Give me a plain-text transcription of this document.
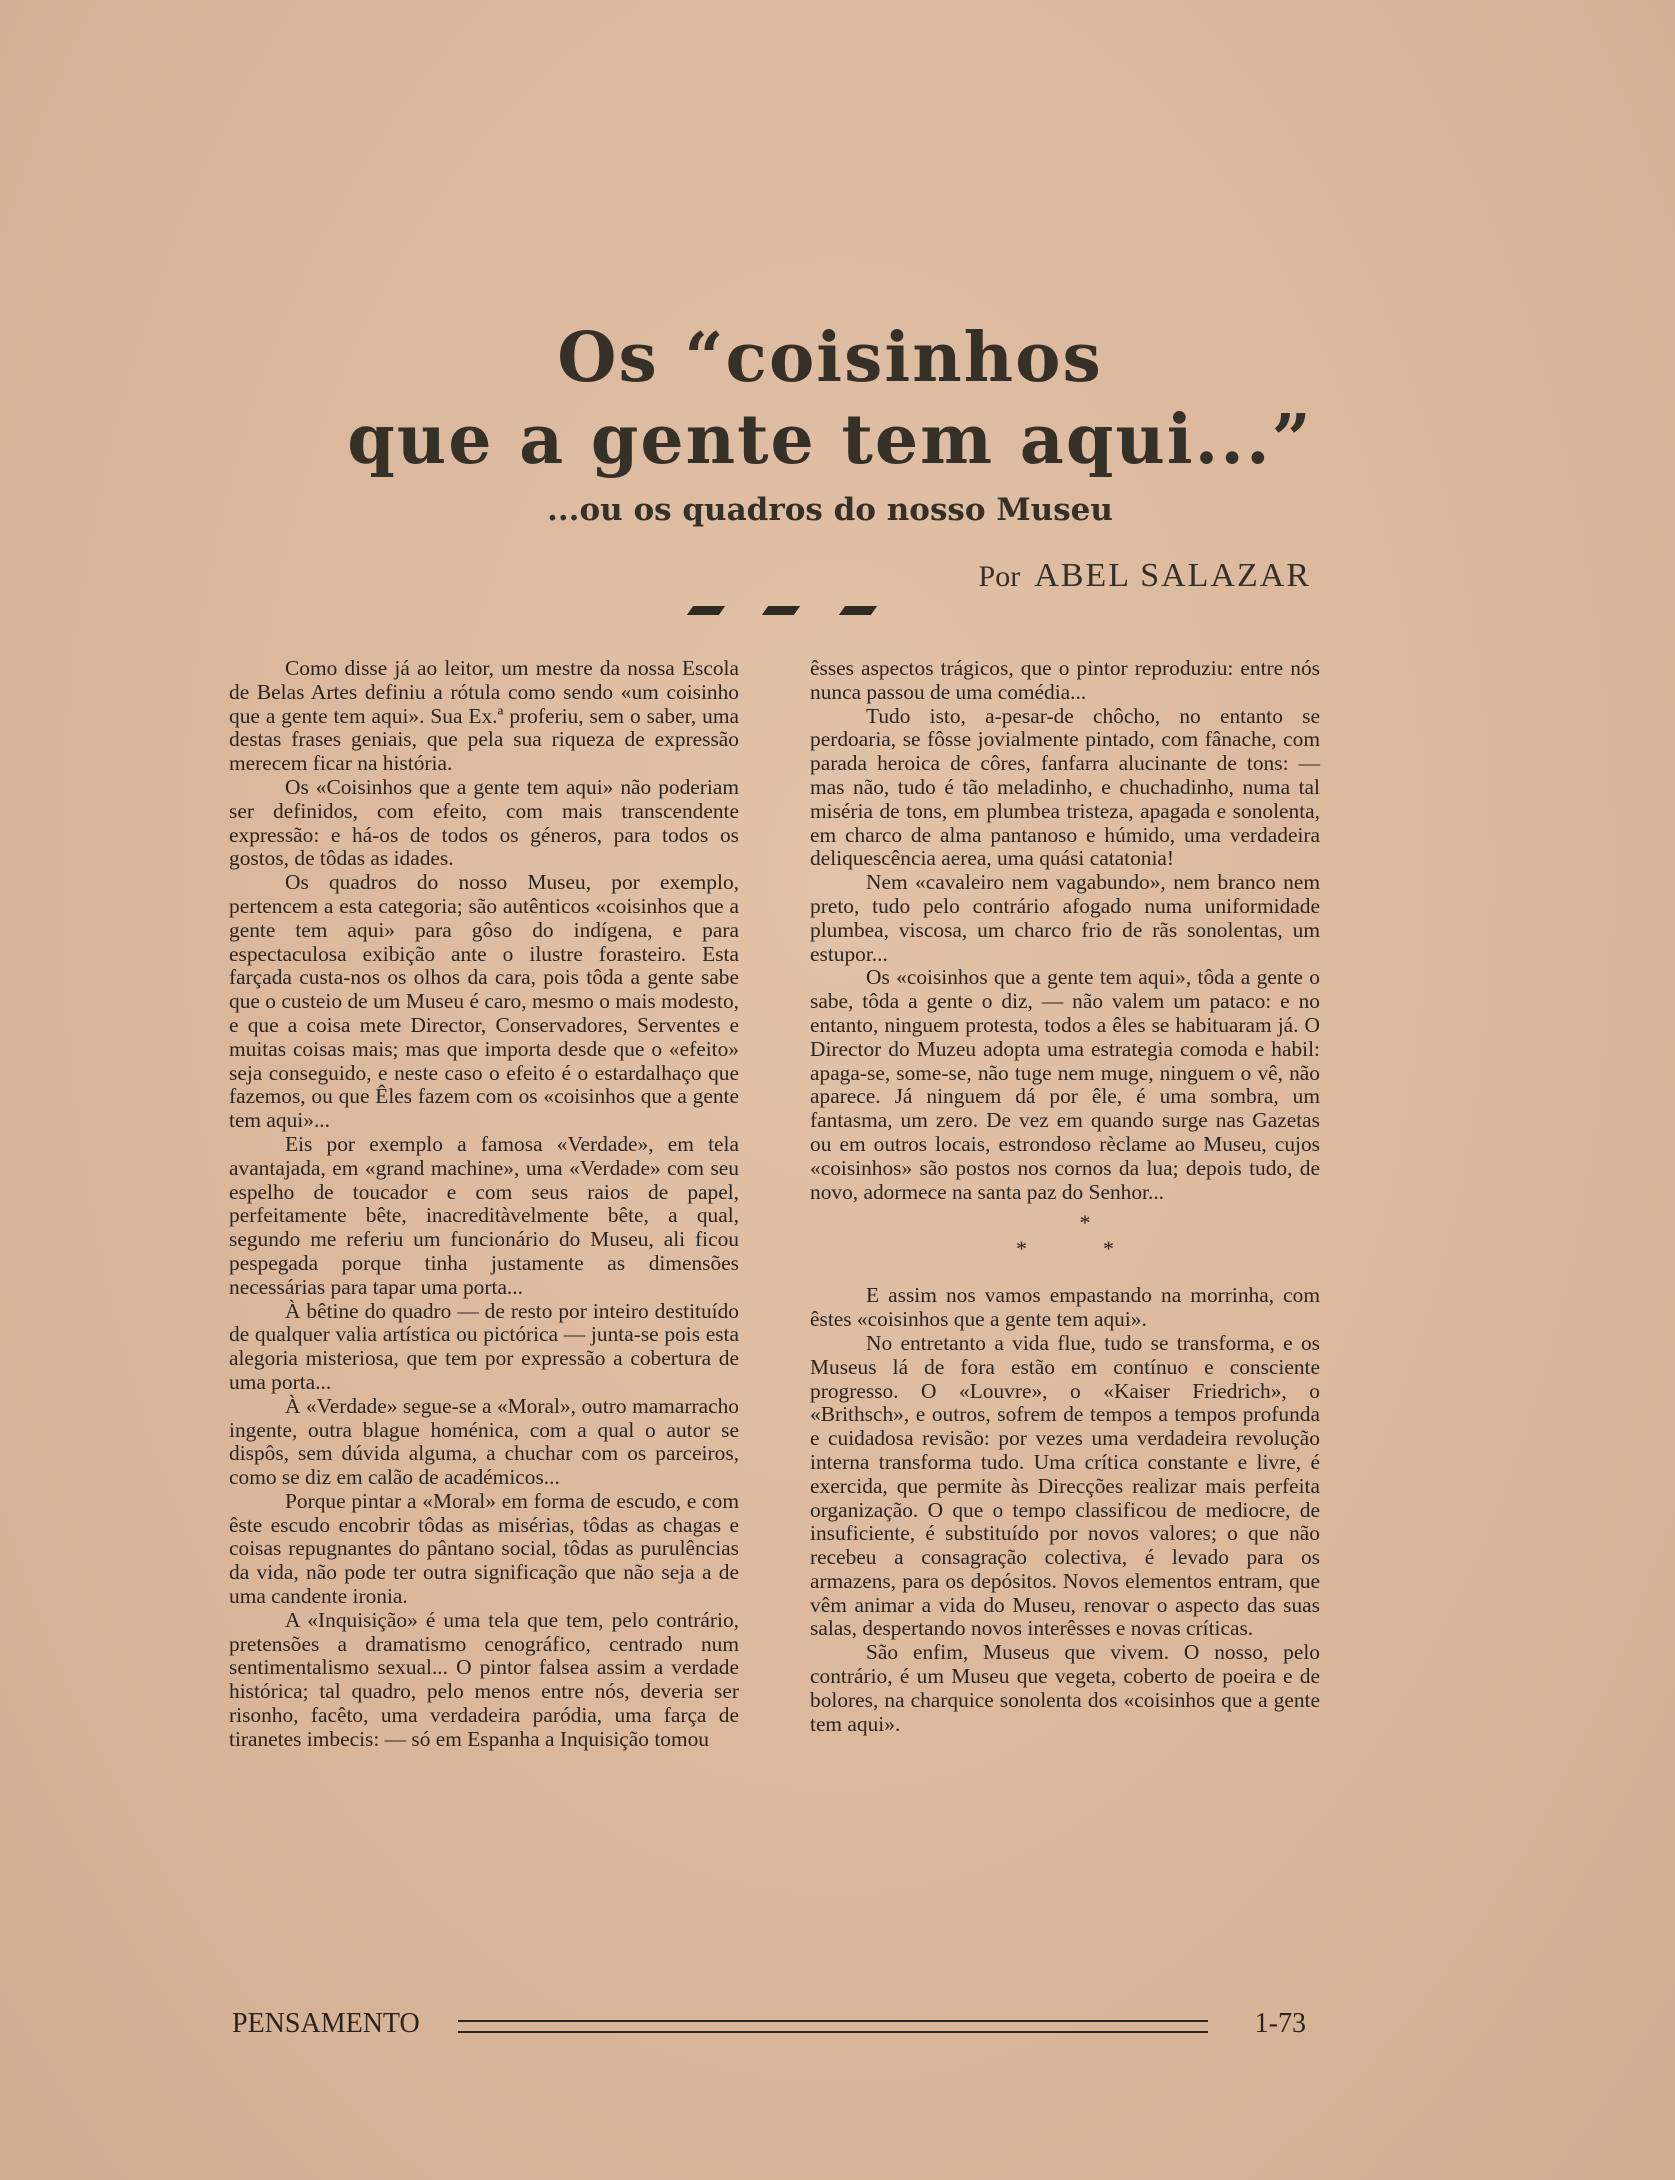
Os “coisinhos
que a gente tem aqui...”
...ou os quadros do nosso Museu
Por ABEL SALAZAR

Como disse já ao leitor, um mestre da nossa Escola de Belas Artes definiu a rótula como sendo «um coisinho que a gente tem aqui». Sua Ex.ª proferiu, sem o saber, uma destas frases geniais, que pela sua riqueza de expressão merecem ficar na história.

Os «Coisinhos que a gente tem aqui» não poderiam ser definidos, com efeito, com mais transcendente expressão: e há-os de todos os géneros, para todos os gostos, de tôdas as idades.

Os quadros do nosso Museu, por exemplo, pertencem a esta categoria; são autênticos «coisinhos que a gente tem aqui» para gôso do indígena, e para espectaculosa exibição ante o ilustre forasteiro. Esta farçada custa-nos os olhos da cara, pois tôda a gente sabe que o custeio de um Museu é caro, mesmo o mais modesto, e que a coisa mete Director, Conservadores, Serventes e muitas coisas mais; mas que importa desde que o «efeito» seja conseguido, e neste caso o efeito é o estardalhaço que fazemos, ou que Êles fazem com os «coisinhos que a gente tem aqui»...

Eis por exemplo a famosa «Verdade», em tela avantajada, em «grand machine», uma «Verdade» com seu espelho de toucador e com seus raios de papel, perfeitamente bête, inacreditàvelmente bête, a qual, segundo me referiu um funcionário do Museu, ali ficou pespegada porque tinha justamente as dimensões necessárias para tapar uma porta...

À bêtine do quadro — de resto por inteiro destituído de qualquer valia artística ou pictórica — junta-se pois esta alegoria misteriosa, que tem por expressão a cobertura de uma porta...

À «Verdade» segue-se a «Moral», outro mamarracho ingente, outra blague homénica, com a qual o autor se dispôs, sem dúvida alguma, a chuchar com os parceiros, como se diz em calão de académicos...

Porque pintar a «Moral» em forma de escudo, e com êste escudo encobrir tôdas as misérias, tôdas as chagas e coisas repugnantes do pântano social, tôdas as purulências da vida, não pode ter outra significação que não seja a de uma candente ironia.

A «Inquisição» é uma tela que tem, pelo contrário, pretensões a dramatismo cenográfico, centrado num sentimentalismo sexual... O pintor falsea assim a verdade histórica; tal quadro, pelo menos entre nós, deveria ser risonho, facêto, uma verdadeira paródia, uma farça de tiranetes imbecis: — só em Espanha a Inquisição tomou

êsses aspectos trágicos, que o pintor reproduziu: entre nós nunca passou de uma comédia...

Tudo isto, a-pesar-de chôcho, no entanto se perdoaria, se fôsse jovialmente pintado, com fânache, com parada heroica de côres, fanfarra alucinante de tons: — mas não, tudo é tão meladinho, e chuchadinho, numa tal miséria de tons, em plumbea tristeza, apagada e sonolenta, em charco de alma pantanoso e húmido, uma verdadeira deliquescência aerea, uma quási catatonia!

Nem «cavaleiro nem vagabundo», nem branco nem preto, tudo pelo contrário afogado numa uniformidade plumbea, viscosa, um charco frio de rãs sonolentas, um estupor...

Os «coisinhos que a gente tem aqui», tôda a gente o sabe, tôda a gente o diz, — não valem um pataco: e no entanto, ninguem protesta, todos a êles se habituaram já. O Director do Muzeu adopta uma estrategia comoda e habil: apaga-se, some-se, não tuge nem muge, ninguem o vê, não aparece. Já ninguem dá por êle, é uma sombra, um fantasma, um zero. De vez em quando surge nas Gazetas ou em outros locais, estrondoso rèclame ao Museu, cujos «coisinhos» são postos nos cornos da lua; depois tudo, de novo, adormece na santa paz do Senhor...

*
*	*

E assim nos vamos empastando na morrinha, com êstes «coisinhos que a gente tem aqui».

No entretanto a vida flue, tudo se transforma, e os Museus lá de fora estão em contínuo e consciente progresso. O «Louvre», o «Kaiser Friedrich», o «Brithsch», e outros, sofrem de tempos a tempos profunda e cuidadosa revisão: por vezes uma verdadeira revolução interna transforma tudo. Uma crítica constante e livre, é exercida, que permite às Direcções realizar mais perfeita organização. O que o tempo classificou de mediocre, de insuficiente, é substituído por novos valores; o que não recebeu a consagração colectiva, é levado para os armazens, para os depósitos. Novos elementos entram, que vêm animar a vida do Museu, renovar o aspecto das suas salas, despertando novos interêsses e novas críticas.

São enfim, Museus que vivem. O nosso, pelo contrário, é um Museu que vegeta, coberto de poeira e de bolores, na charquice sonolenta dos «coisinhos que a gente tem aqui».

PENSAMENTO	1-73
